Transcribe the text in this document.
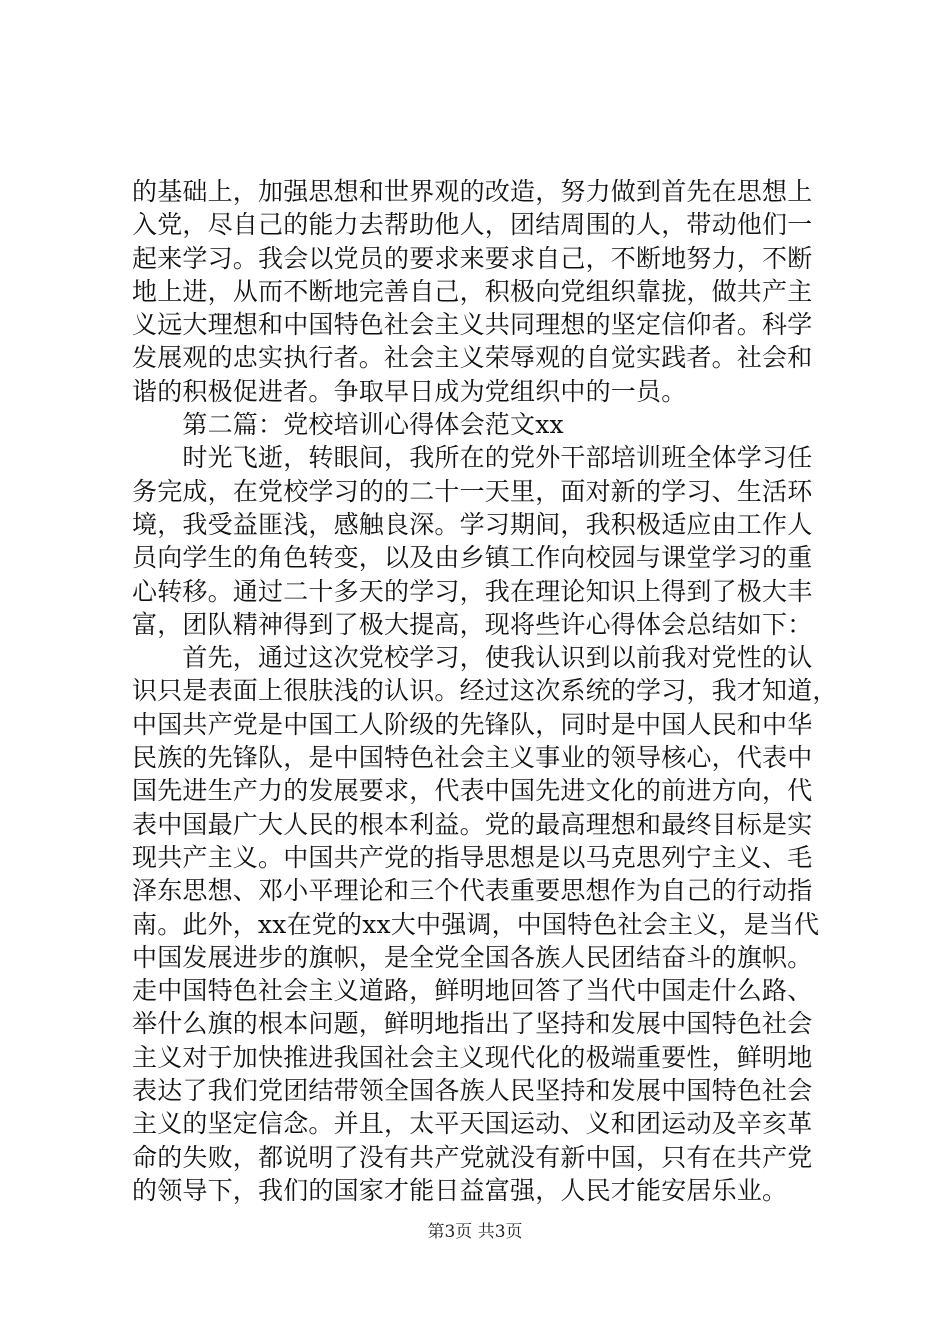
的基础上，加强思想和世界观的改造，努力做到首先在思想上
入党，尽自己的能力去帮助他人，团结周围的人，带动他们一
起来学习。我会以党员的要求来要求自己，不断地努力，不断
地上进，从而不断地完善自己，积极向党组织靠拢，做共产主
义远大理想和中国特色社会主义共同理想的坚定信仰者。科学
发展观的忠实执行者。社会主义荣辱观的自觉实践者。社会和
谐的积极促进者。争取早日成为党组织中的一员。
　　第二篇：党校培训心得体会范文xx
　　时光飞逝，转眼间，我所在的党外干部培训班全体学习任
务完成，在党校学习的的二十一天里，面对新的学习、生活环
境，我受益匪浅，感触良深。学习期间，我积极适应由工作人
员向学生的角色转变，以及由乡镇工作向校园与课堂学习的重
心转移。通过二十多天的学习，我在理论知识上得到了极大丰
富，团队精神得到了极大提高，现将些许心得体会总结如下：
　　首先，通过这次党校学习，使我认识到以前我对党性的认
识只是表面上很肤浅的认识。经过这次系统的学习，我才知道，
中国共产党是中国工人阶级的先锋队，同时是中国人民和中华
民族的先锋队，是中国特色社会主义事业的领导核心，代表中
国先进生产力的发展要求，代表中国先进文化的前进方向，代
表中国最广大人民的根本利益。党的最高理想和最终目标是实
现共产主义。中国共产党的指导思想是以马克思列宁主义、毛
泽东思想、邓小平理论和三个代表重要思想作为自己的行动指
南。此外，xx在党的xx大中强调，中国特色社会主义，是当代
中国发展进步的旗帜，是全党全国各族人民团结奋斗的旗帜。
走中国特色社会主义道路，鲜明地回答了当代中国走什么路、
举什么旗的根本问题，鲜明地指出了坚持和发展中国特色社会
主义对于加快推进我国社会主义现代化的极端重要性，鲜明地
表达了我们党团结带领全国各族人民坚持和发展中国特色社会
主义的坚定信念。并且，太平天国运动、义和团运动及辛亥革
命的失败，都说明了没有共产党就没有新中国，只有在共产党
的领导下，我们的国家才能日益富强，人民才能安居乐业。
第3页 共3页
